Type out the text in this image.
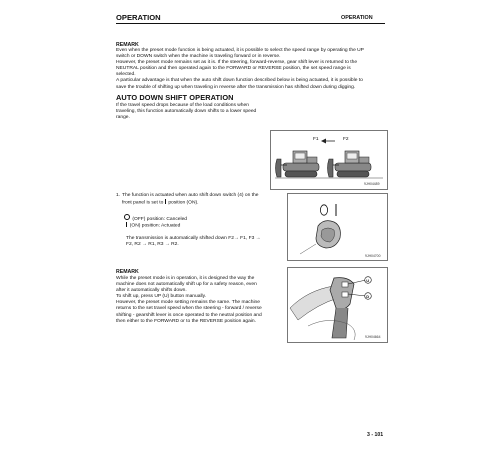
OPERATION	OPERATION
REMARK
Even when the preset mode function is being actuated, it is possible to select the speed range by operating the UP
switch or DOWN switch when the machine is traveling forward or in reverse.
However, the preset mode remains set as it is. If the steering, forward-reverse, gear shift lever is returned to the
NEUTRAL position and then operated again to the FORWARD or REVERSE position, the set speed range is
selected.
A particular advantage is that when the auto shift down function described below is being actuated, it is possible to
save the trouble of shifting up when traveling in reverse after the transmission has shifted down during digging.
AUTO DOWN SHIFT OPERATION
If the travel speed drops because of the load conditions when
traveling, this function automatically down shifts to a lower speed
range.
F1	F2
9JH04489
1. The function is actuated when auto shift down switch (4) on the
front panel is set to position (ON).
(OFF) position: Canceled
(ON) position: Actuated
The transmission is automatically shifted down F2→ F1, F3 →
F2, R2 → R1, R3 → R2.
9JH04700
REMARK
While the preset mode is in operation, it is designed the way the
machine does not automatically shift up for a safety reason, even
after it automatically shifts down.
To shift up, press UP (U) button manually.
However, the preset mode setting remains the same. The machine
returns to the set travel speed when the steering - forward / reverse
shifting - gearshift lever is once operated to the neutral position and
then either to the FORWARD or to the REVERSE position again.
U
D
9JH04664
3 - 101
